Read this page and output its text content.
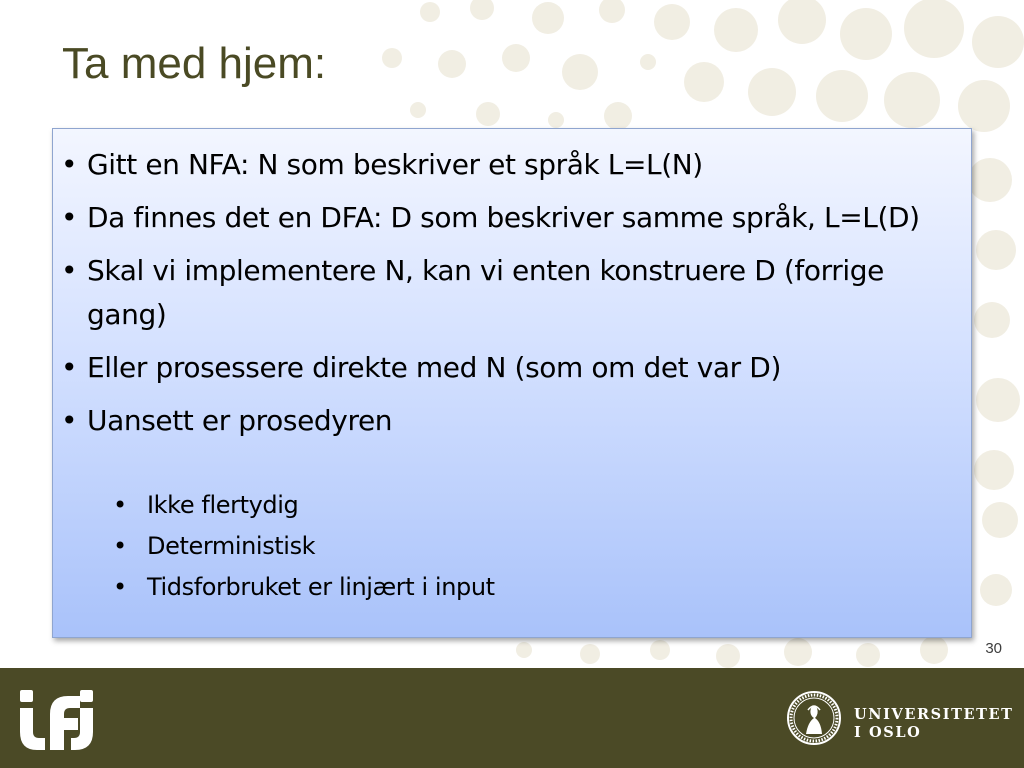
Ta med hjem:
• Gitt en NFA: N som beskriver et språk L=L(N)
• Da finnes det en DFA: D som beskriver samme språk, L=L(D)
• Skal vi implementere N, kan vi enten konstruere D (forrige gang)
• Eller prosessere direkte med N (som om det var D)
• Uansett er prosedyren
• Ikke flertydig
• Deterministisk
• Tidsforbruket er linjært i input
30
UNIVERSITETET
I OSLO
